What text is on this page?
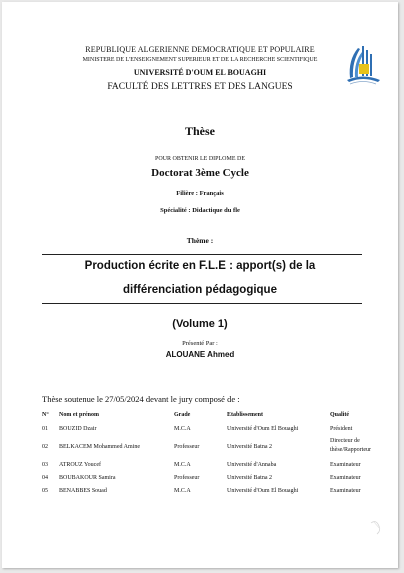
REPUBLIQUE ALGERIENNE DEMOCRATIQUE ET POPULAIRE
MINISTERE DE L'ENSEIGNEMENT SUPERIEUR ET DE LA RECHERCHE SCIENTIFIQUE
UNIVERSITÉ D'OUM EL BOUAGHI
FACULTÉ DES LETTRES ET DES LANGUES
Thèse
POUR OBTENIR LE DIPLOME DE
Doctorat 3ème Cycle
Filière : Français
Spécialité : Didactique du fle
Thème :
Production écrite en F.L.E : apport(s) de la
différenciation pédagogique
(Volume 1)
Présenté Par :
ALOUANE Ahmed
Thèse soutenue le 27/05/2024 devant le jury composé de :
N° Nom et prénom	Grade	Etablissement	Qualité
01 BOUZID Dzair	M.C.A	Université d'Oum El Bouaghi	Président
02 BELKACEM Mohammed Amine	Professeur	Université Batna 2
Directeur de
thèse/Rapporteur
03 ATROUZ Youcef	M.C.A	Université d'Annaba	Examinateur
04 BOUBAKOUR Samira	Professeur	Université Batna 2	Examinateur
05 BENABBES Souad	M.C.A	Université d'Oum El Bouaghi	Examinateur
